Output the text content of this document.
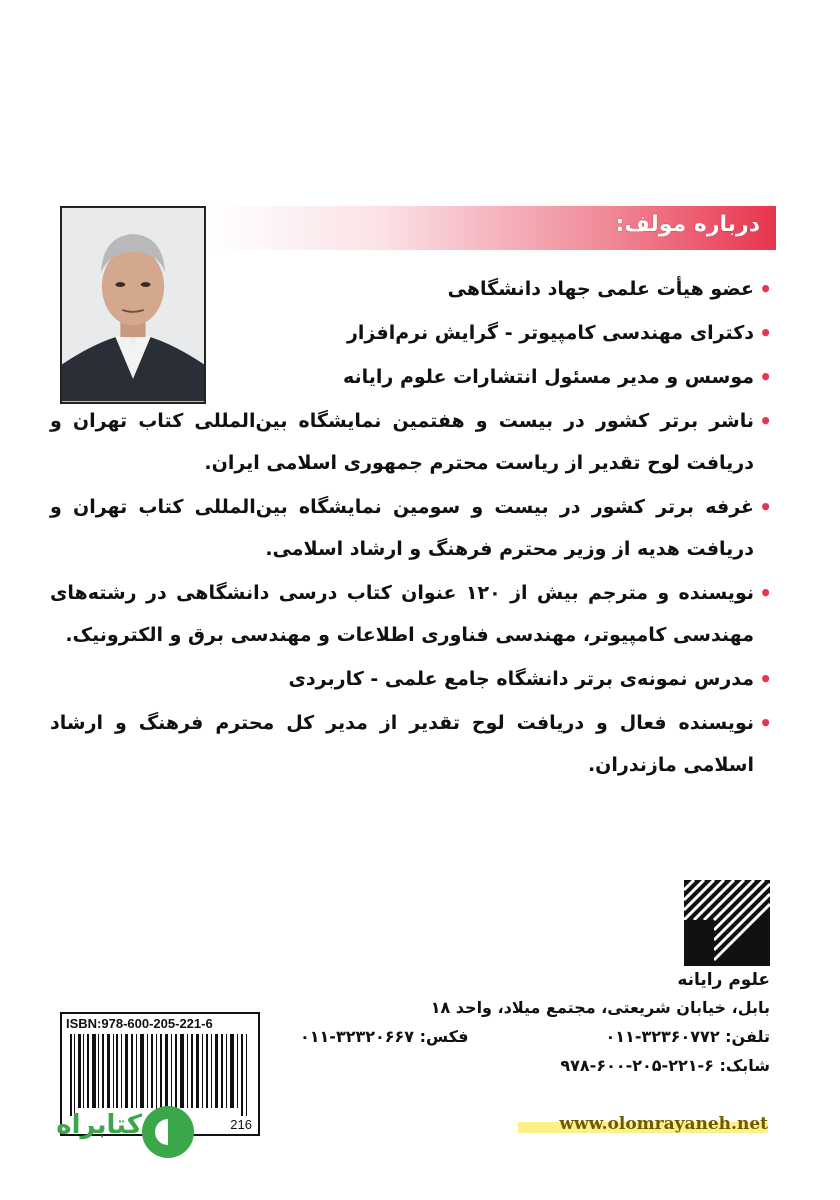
درباره مولف:
•
عضو هیأت علمی جهاد دانشگاهی
•
دکترای مهندسی کامپیوتر - گرایش نرم‌افزار
•
موسس و مدیر مسئول انتشارات علوم رایانه
•
ناشر برتر کشور در بیست و هفتمین نمایشگاه بین‌المللی کتاب تهران و دریافت لوح تقدیر از ریاست محترم جمهوری اسلامی ایران.
•
غرفه برتر کشور در بیست و سومین نمایشگاه بین‌المللی کتاب تهران و دریافت هدیه از وزیر محترم فرهنگ و ارشاد اسلامی.
•
نویسنده و مترجم بیش از ۱۲۰ عنوان کتاب درسی دانشگاهی در رشته‌های مهندسی کامپیوتر، مهندسی فناوری اطلاعات و مهندسی برق و الکترونیک.
•
مدرس نمونه‌ی برتر دانشگاه جامع علمی - کاربردی
•
نویسنده فعال و دریافت لوح تقدیر از مدیر کل محترم فرهنگ و ارشاد اسلامی مازندران.
علوم رایانه
بابل، خیابان شریعتی، مجتمع میلاد، واحد ۱۸
تلفن: ۳۲۳۶۰۷۷۲-۰۱۱
فکس: ۳۲۳۲۰۶۶۷-۰۱۱
شابک: ۶-۲۲۱-۲۰۵-۶۰۰-۹۷۸
www.olomrayaneh.net
ISBN:978-600-205-221-6
216
کتابراه
